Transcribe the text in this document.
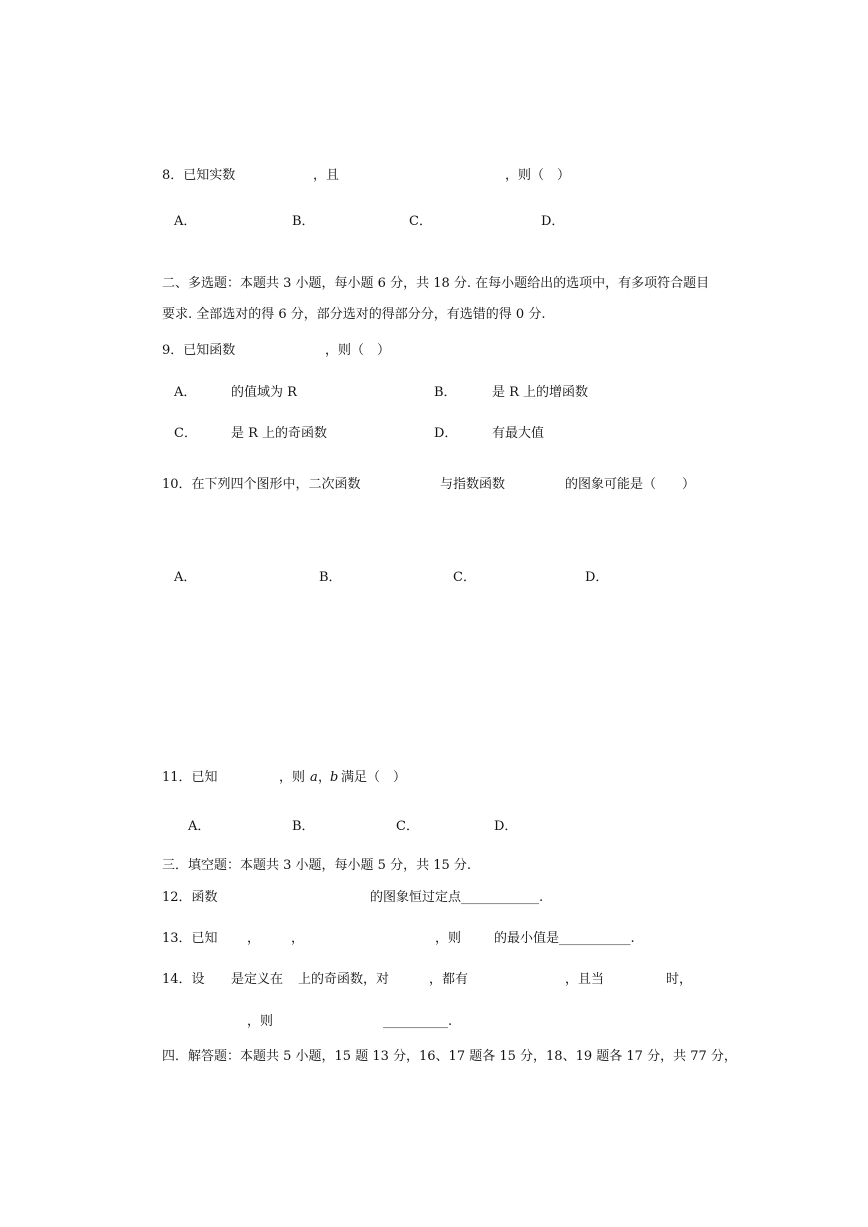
8．已知实数	，且	，则（　）
A．	B．	C．	D．
二、多选题：本题共 3 小题，每小题 6 分，共 18 分. 在每小题给出的选项中，有多项符合题目
要求. 全部选对的得 6 分，部分选对的得部分分，有选错的得 0 分.
9．已知函数	，则（　）
A．	的值域为 R	B．	是 R 上的增函数
C．	是 R 上的奇函数	D．	有最大值
10．在下列四个图形中，二次函数	与指数函数	的图象可能是（　　）
A．	B．	C．	D．
11．已知	，则 a ，
b 满足（　）
A．	B．	C．	D．
三．填空题：本题共 3 小题，每小题 5 分，共 15 分.
12．函数	的图象恒过定点____________.
13．已知 ， ，	，则	的最小值是___________.
14．设 是定义在 上的奇函数，对	，都有	，且当	时，
，则	__________.
四．解答题：本题共 5 小题，15 题 13 分，16、17 题各 15 分，18、19 题各 17 分，共 77 分，
